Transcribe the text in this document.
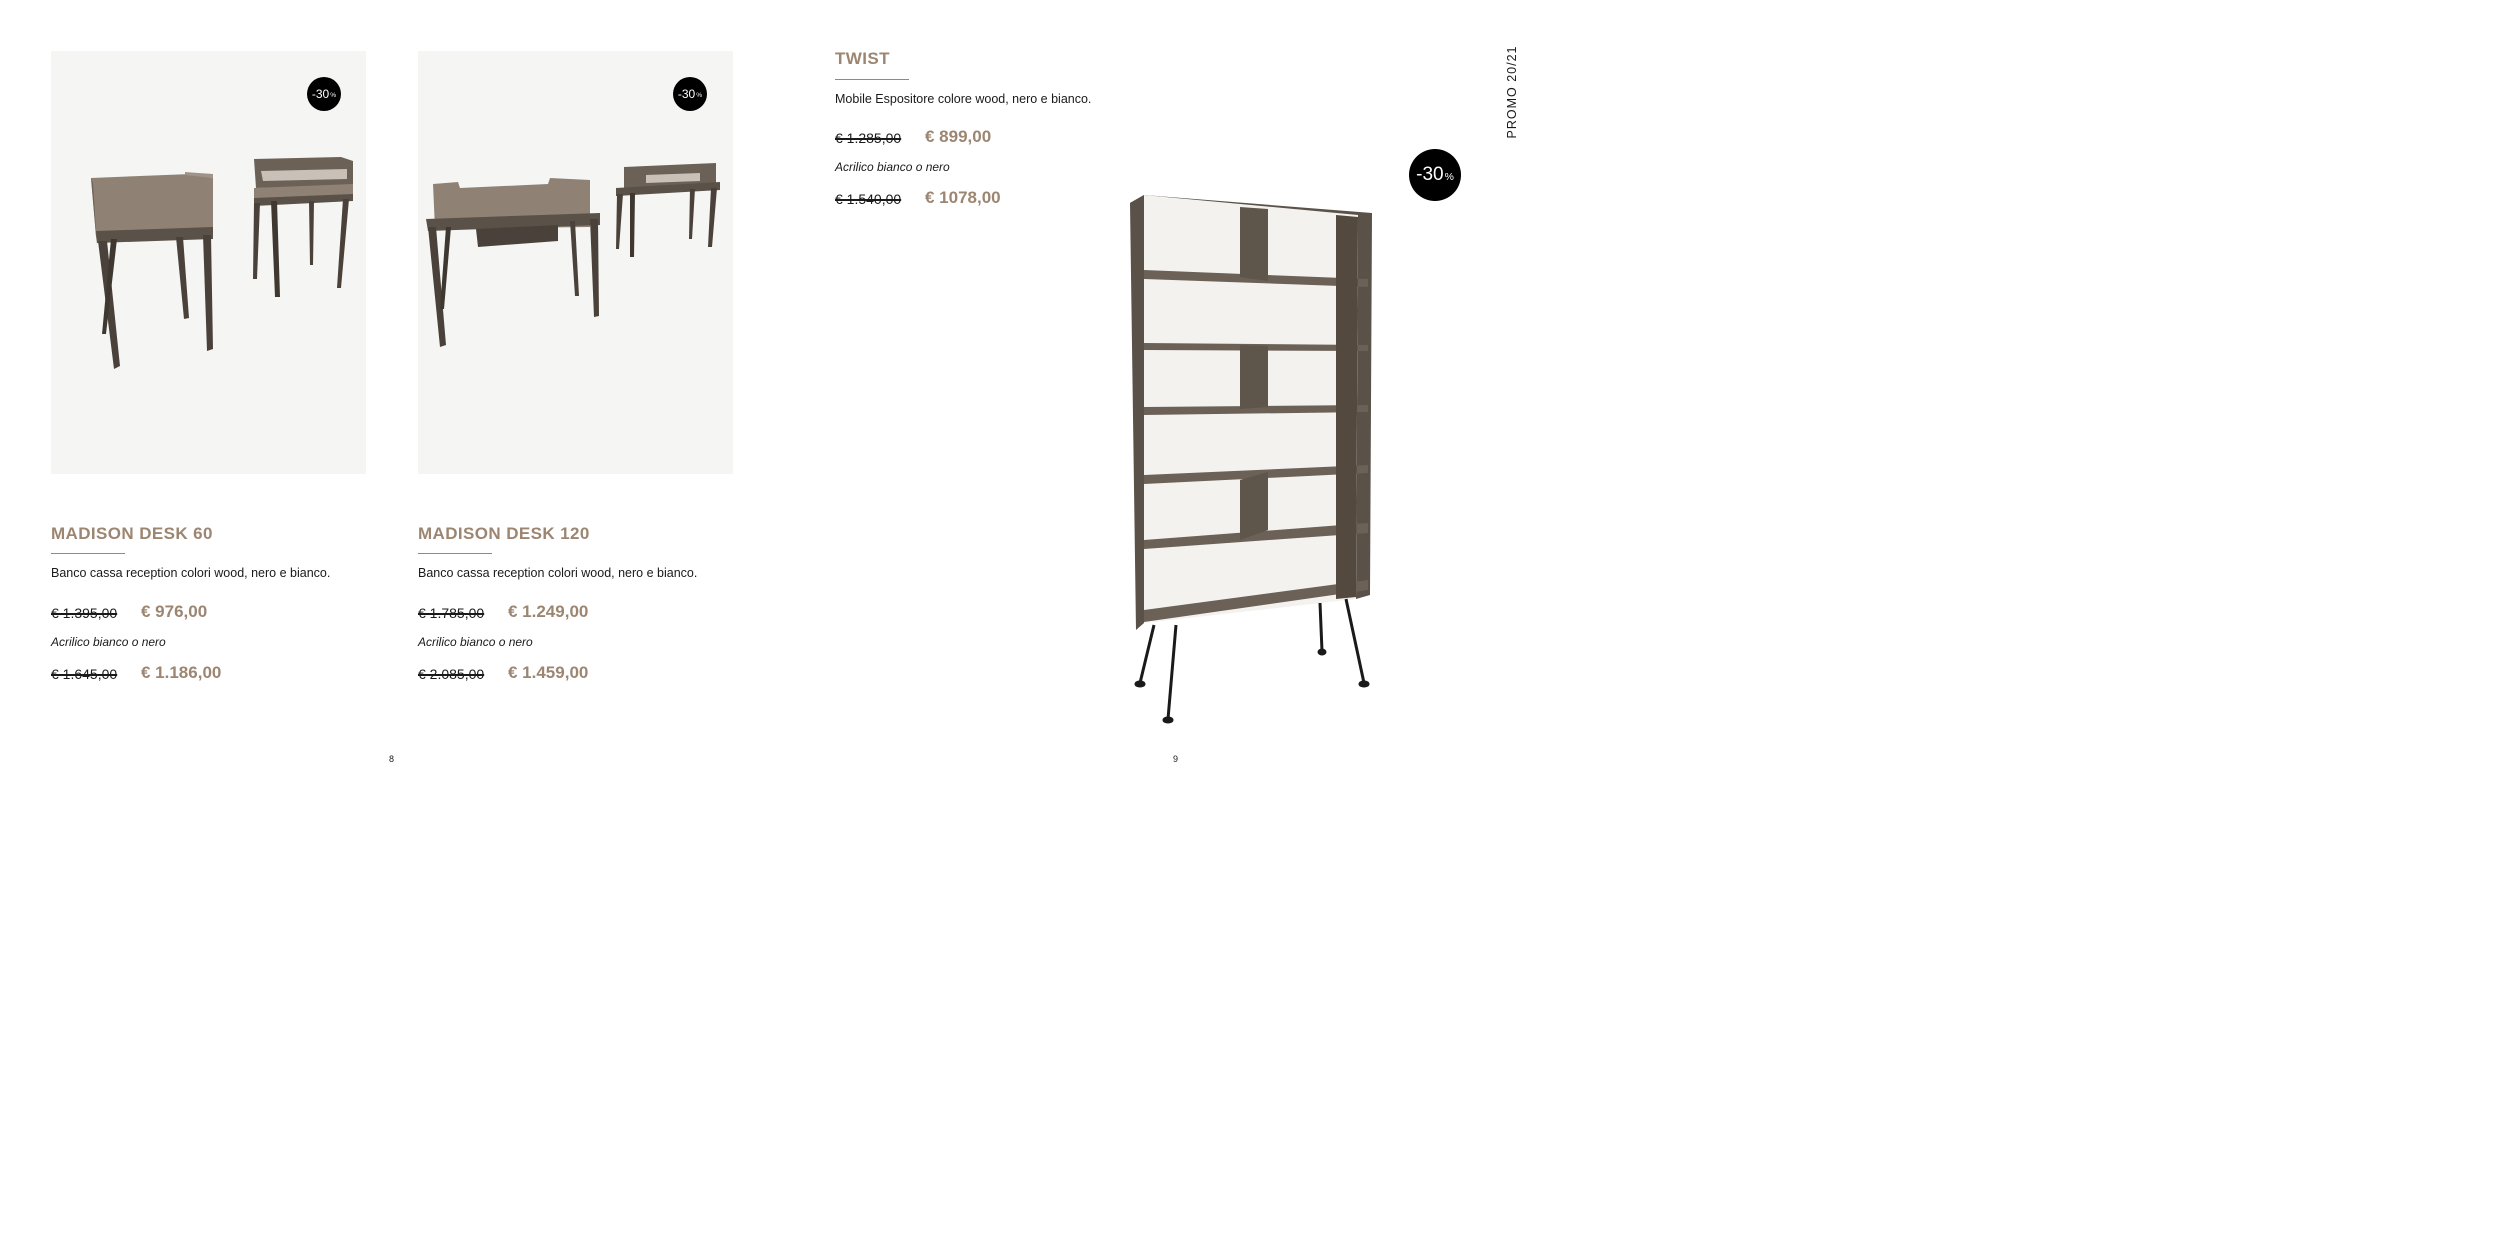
-30 %	-30 %
MADISON DESK 60
Banco cassa reception colori wood, nero e bianco.
€ 1.395,00 € 976,00
Acrilico bianco o nero
€ 1.645,00 € 1.186,00
MADISON DESK 120
Banco cassa reception colori wood, nero e bianco.
€ 1.785,00 € 1.249,00
Acrilico bianco o nero
€ 2.085,00 € 1.459,00
TWIST
Mobile Espositore colore wood, nero e bianco.
€ 1.285,00 € 899,00
Acrilico bianco o nero
€ 1.540,00 € 1078,00
-30 %
PROMO 20/21
8	9
